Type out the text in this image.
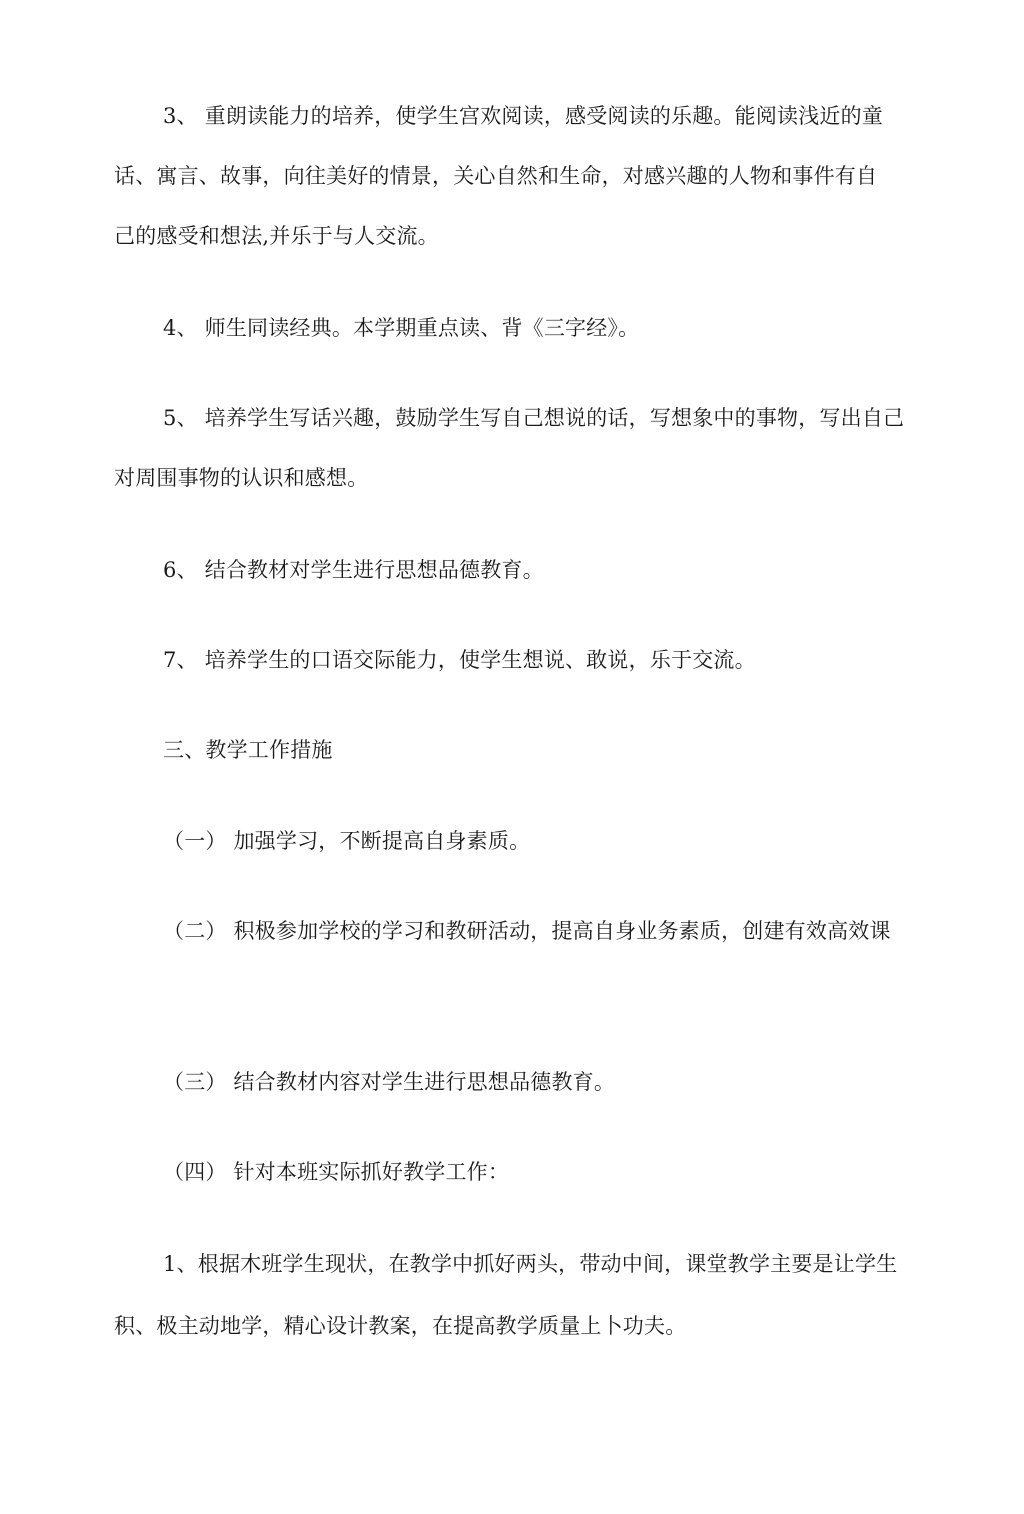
3、 重朗读能力的培养，使学生宫欢阅读，感受阅读的乐趣。能阅读浅近的童
话、寓言、故事，向往美好的情景，关心自然和生命，对感兴趣的人物和事件有自
己的感受和想法,并乐于与人交流。
4、 师生同读经典。本学期重点读、背《三字经》。
5、 培养学生写话兴趣，鼓励学生写自己想说的话，写想象中的事物，写出自己
对周围事物的认识和感想。
6、 结合教材对学生进行思想品德教育。
7、 培养学生的口语交际能力，使学生想说、敢说，乐于交流。
三、教学工作措施
（一） 加强学习，不断提高自身素质。
（二） 积极参加学校的学习和教研活动，提高自身业务素质，创建有效高效课
（三） 结合教材内容对学生进行思想品德教育。
（四） 针对本班实际抓好教学工作：
1、根据木班学生现状，在教学中抓好两头，带动中间，课堂教学主要是让学生
积、极主动地学，精心设计教案，在提高教学质量上卜功夫。
